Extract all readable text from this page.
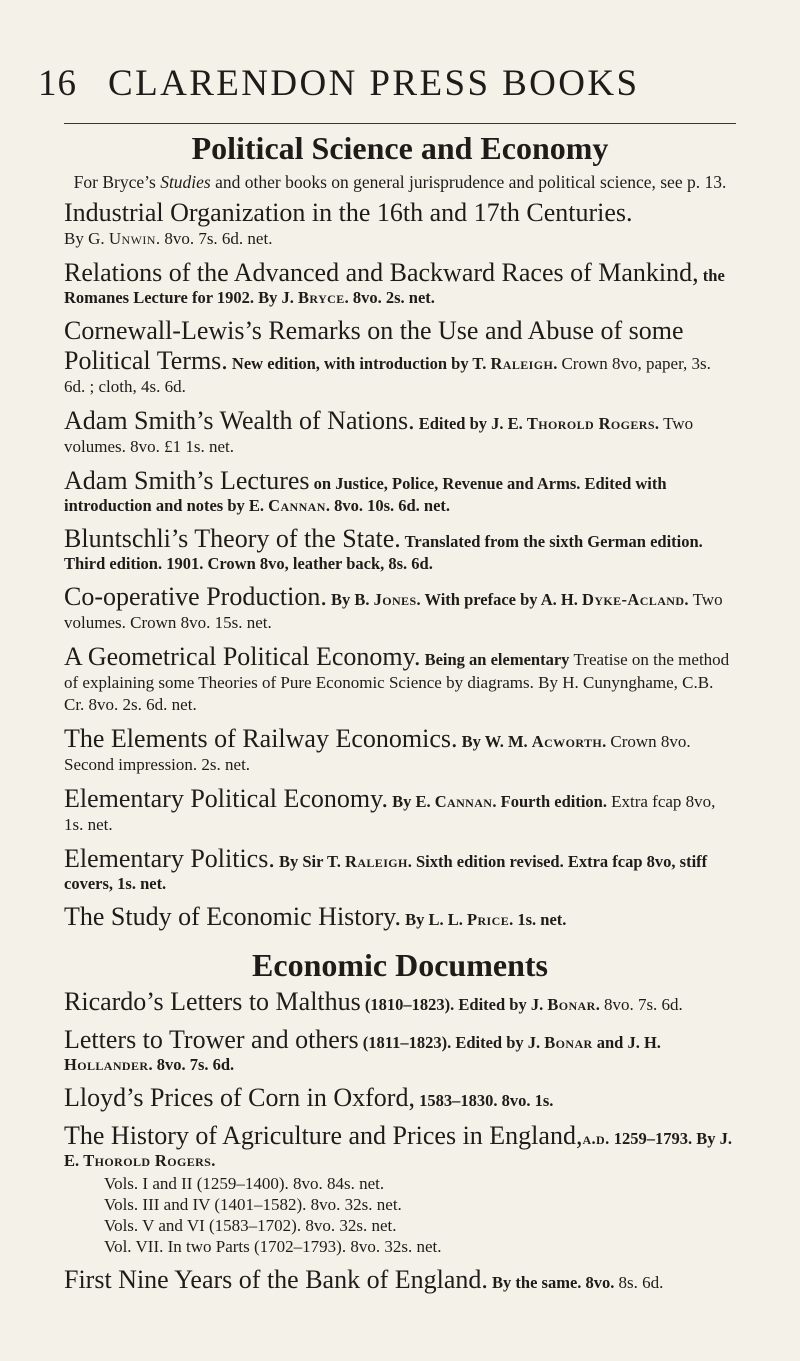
16 CLARENDON PRESS BOOKS
Political Science and Economy

For Bryce’s Studies and other books on general jurisprudence and political science, see p. 13.

Industrial Organization in the 16th and 17th Centuries.
By G. Unwin. 8vo. 7s. 6d. net.

Relations of the Advanced and Backward Races of Mankind, the Romanes Lecture for 1902. By J. Bryce. 8vo. 2s. net.

Cornewall-Lewis’s Remarks on the Use and Abuse of some Political Terms. New edition, with introduction by T. Raleigh. Crown 8vo, paper, 3s. 6d. ; cloth, 4s. 6d.

Adam Smith’s Wealth of Nations. Edited by J. E. Thorold Rogers. Two volumes. 8vo. £1 1s. net.

Adam Smith’s Lectures on Justice, Police, Revenue and Arms. Edited with introduction and notes by E. Cannan. 8vo. 10s. 6d. net.

Bluntschli’s Theory of the State. Translated from the sixth German edition. Third edition. 1901. Crown 8vo, leather back, 8s. 6d.

Co-operative Production. By B. Jones. With preface by A. H. Dyke-Acland. Two volumes. Crown 8vo. 15s. net.

A Geometrical Political Economy. Being an elementary Treatise on the method of explaining some Theories of Pure Economic Science by diagrams. By H. Cunynghame, C.B. Cr. 8vo. 2s. 6d. net.

The Elements of Railway Economics. By W. M. Acworth. Crown 8vo. Second impression. 2s. net.

Elementary Political Economy. By E. Cannan. Fourth edition. Extra fcap 8vo, 1s. net.

Elementary Politics. By Sir T. Raleigh. Sixth edition revised. Extra fcap 8vo, stiff covers, 1s. net.

The Study of Economic History. By L. L. Price. 1s. net.

Economic Documents

Ricardo’s Letters to Malthus (1810–1823). Edited by J. Bonar. 8vo. 7s. 6d.

Letters to Trower and others (1811–1823). Edited by J. Bonar and J. H. Hollander. 8vo. 7s. 6d.

Lloyd’s Prices of Corn in Oxford, 1583–1830. 8vo. 1s.

The History of Agriculture and Prices in England,a.d. 1259–1793. By J. E. Thorold Rogers.

Vols. I and II (1259–1400). 8vo. 84s. net.

Vols. III and IV (1401–1582). 8vo. 32s. net.

Vols. V and VI (1583–1702). 8vo. 32s. net.

Vol. VII. In two Parts (1702–1793). 8vo. 32s. net.

First Nine Years of the Bank of England. By the same. 8vo. 8s. 6d.
